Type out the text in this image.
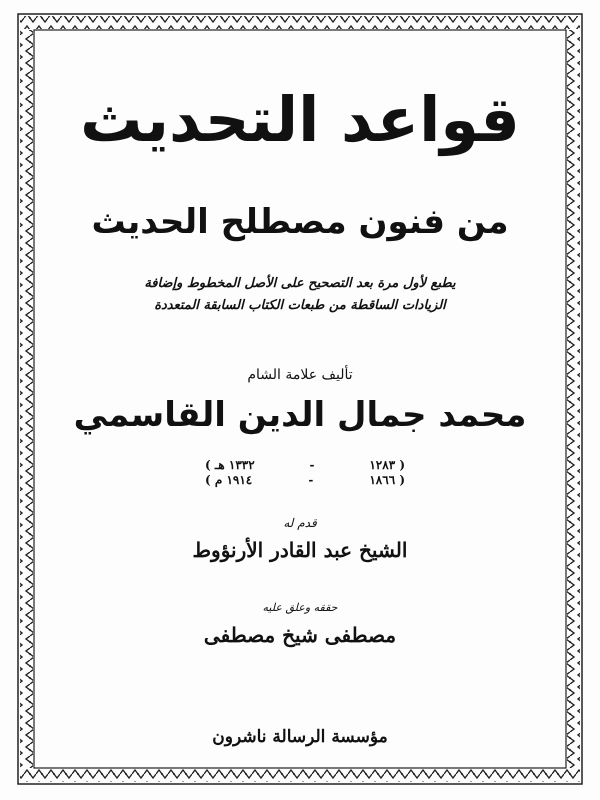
قواعد التحديث
من فنون مصطلح الحديث
يطبع لأول مرة بعد التصحيح على الأصل المخطوط وإضافة
الزيادات الساقطة من طبعات الكتاب السابقة المتعددة
تأليف علامة الشام
محمد جمال الدين القاسمي
( ١٢٨٣
-
١٣٣٢ هـ )
( ١٨٦٦
-
١٩١٤ م )
قدم له
الشيخ عبد القادر الأرنؤوط
حققه وعلق عليه
مصطفى شيخ مصطفى
مؤسسة الرسالة ناشرون
